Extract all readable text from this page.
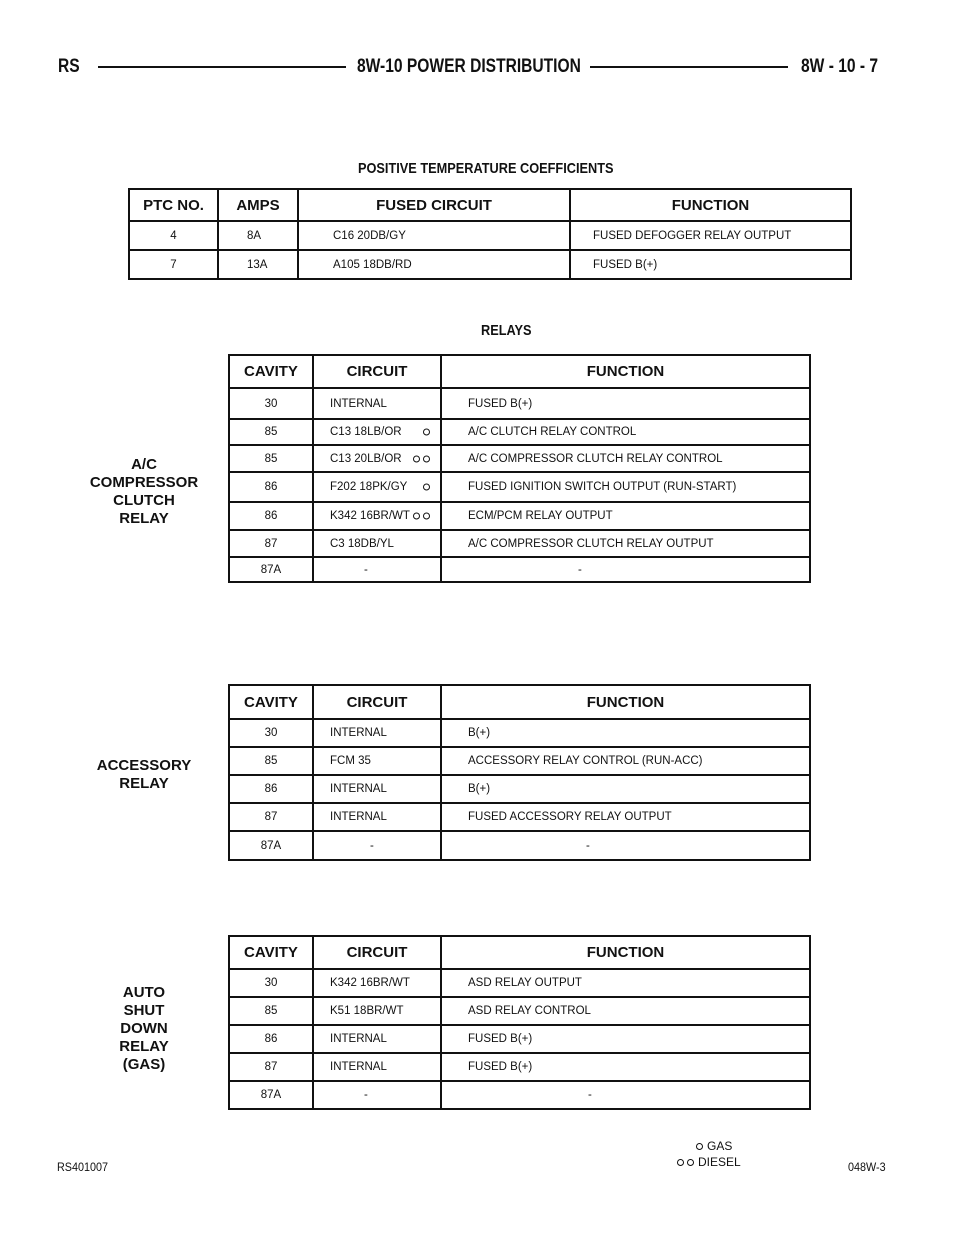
RS	8W-10 POWER DISTRIBUTION	8W - 10 - 7
POSITIVE TEMPERATURE COEFFICIENTS
PTC NO.	AMPS	FUSED CIRCUIT	FUNCTION
4	8A	C16 20DB/GY	FUSED DEFOGGER RELAY OUTPUT
7	13A	A105 18DB/RD	FUSED B(+)
RELAYS
A/C
COMPRESSOR
CLUTCH
RELAY
CAVITY	CIRCUIT	FUNCTION
30	INTERNAL	FUSED B(+)
85	C13 18LB/OR	A/C CLUTCH RELAY CONTROL
85	C13 20LB/OR	A/C COMPRESSOR CLUTCH RELAY CONTROL
86	F202 18PK/GY	FUSED IGNITION SWITCH OUTPUT (RUN-START)
86	K342 16BR/WT	ECM/PCM RELAY OUTPUT
87	C3 18DB/YL	A/C COMPRESSOR CLUTCH RELAY OUTPUT
87A	-	-
ACCESSORY
RELAY
CAVITY	CIRCUIT	FUNCTION
30	INTERNAL	B(+)
85	FCM 35	ACCESSORY RELAY CONTROL (RUN-ACC)
86	INTERNAL	B(+)
87	INTERNAL	FUSED ACCESSORY RELAY OUTPUT
87A	-	-
AUTO
SHUT
DOWN
RELAY
(GAS)
CAVITY	CIRCUIT	FUNCTION
30	K342 16BR/WT	ASD RELAY OUTPUT
85	K51 18BR/WT	ASD RELAY CONTROL
86	INTERNAL	FUSED B(+)
87	INTERNAL	FUSED B(+)
87A	-	-
GAS
DIESEL
RS401007	048W-3
